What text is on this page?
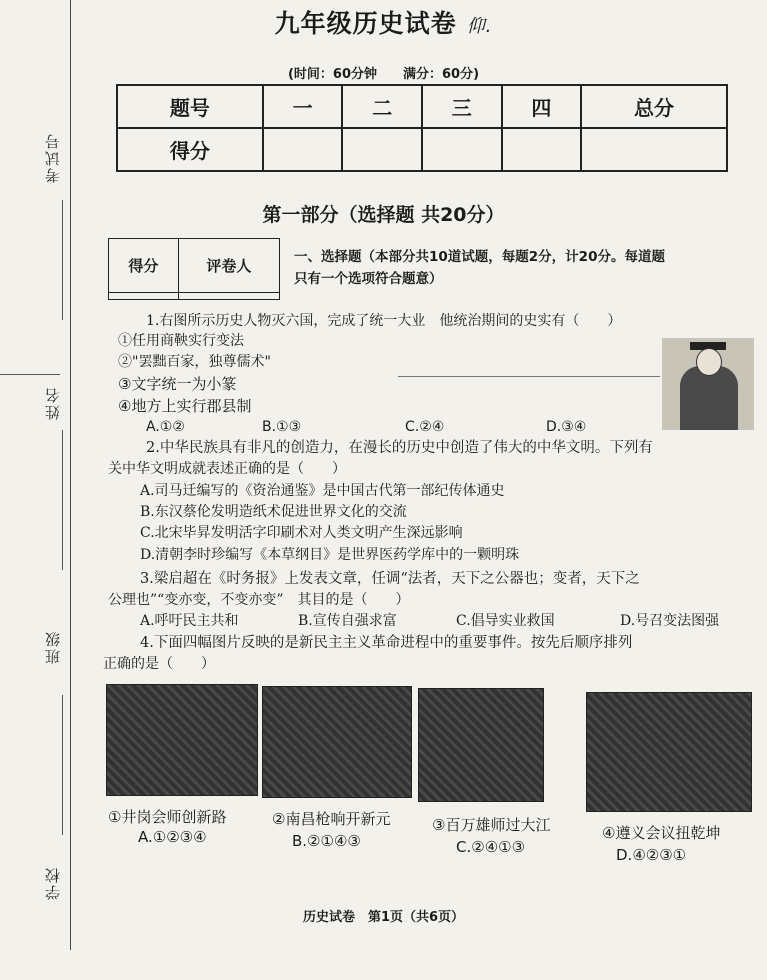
考试号
姓名
班级
学校
九年级历史试卷 仰.
(时间：60分钟　　满分：60分)
题号	一	二	三	四	总分
得分					
第一部分（选择题 共20分）
得分	评卷人

一、选择题（本部分共10道试题，每题2分，计20分。每道题
只有一个选项符合题意）
1.右图所示历史人物灭六国，完成了统一大业　他统治期间的史实有（　　）
①任用商鞅实行变法
②"罢黜百家，独尊儒术"
③文字统一为小篆
④地方上实行郡县制
A.①②	B.①③	C.②④	D.③④
2.中华民族具有非凡的创造力，在漫长的历史中创造了伟大的中华文明。下列有
关中华文明成就表述正确的是（　　）
A.司马迁编写的《资治通鉴》是中国古代第一部纪传体通史
B.东汉蔡伦发明造纸术促进世界文化的交流
C.北宋毕昇发明活字印刷术对人类文明产生深远影响
D.清朝李时珍编写《本草纲目》是世界医药学库中的一颗明珠
3.梁启超在《时务报》上发表文章，任调“法者，天下之公器也；变者，天下之
公理也”“变亦变，不变亦变”　其目的是（　　）
A.呼吁民主共和	B.宣传自强求富	C.倡导实业救国	D.号召变法图强
4.下面四幅图片反映的是新民主主义革命进程中的重要事件。按先后顺序排列
正确的是（　　）
①井岗会师创新路	②南昌枪响开新元	③百万雄师过大江	④遵义会议扭乾坤
A.①②③④	B.②①④③	C.②④①③	D.④②③①
历史试卷　第1页（共6页）
